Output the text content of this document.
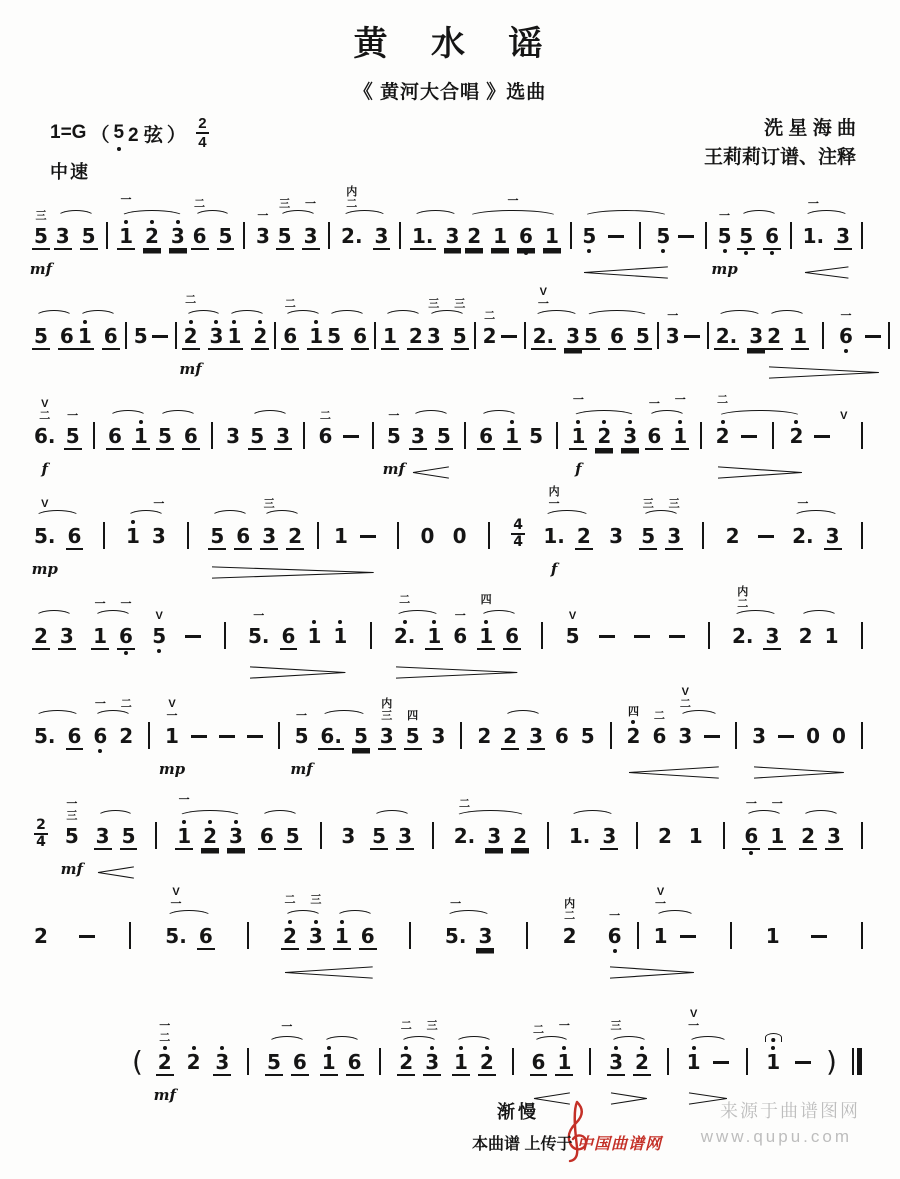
黄 水 谣
《 黄河大合唱 》选曲
1=G （ 5 2 弦 ） $\frac{2}{4}$
中速
洗 星 海 曲
王莉莉订谱、注释
三
5
mf
3 5
一
1 2 3
二
6 5
一
3
三
5
一
3
内
二
2. 3 1. 3 2 1 6 1
一
5	5
一
5
mp
5 6
一
1. 3
5 6 1 6 5
二
2
mf
3 1 2
二
6 1 5 6 1 2
三
3
三
5
二
2
V
一
2. 3 5 6 5
一
3 2. 3 2 1
一
6
V
二
6.
f
一
5 6 1 5 6 3 5 3
二
6
一
5
mf
3 5 6 1 5
一
1
f
2 3
一
6
一
1
二
2	2
V
V
5.
mp
6 1
一
3 5 6
三
3 2 1	0 0	4
4
内
一
1.
f
2 3
三
5
三
3 2
一
2. 3
2 3
一
1
一
6
V
5
一
5. 6 1 1
二
2. 1
一
6
四
1 6
V
5
内
二
2. 3 2 1
5. 6
一
6
二
2
V
一
1
mp
一
5
mf
6. 5
内
三
3
四
5 3 2 2 3 6 5
四
2
二
6
V
二
3	3 0 0
2
4
一
三
5
mf
3 5
一
1 2 3 6 5 3 5 3
二
2. 3 2 1. 3 2 1
一
6
一
1 2 3
2
V
一
5. 6
二
2
三
3 1 6
一
5. 3
内
二
2
一
6
V
一
1	1
(
一
二
2
mf
2 3 5 6
一
1 6
二
2
三
3 1 2
二
6
一
1
三
3 2
V
一
1	1 )
渐慢	来源于曲谱图网
www.qupu.com
本曲谱 上传于 中国曲谱网
